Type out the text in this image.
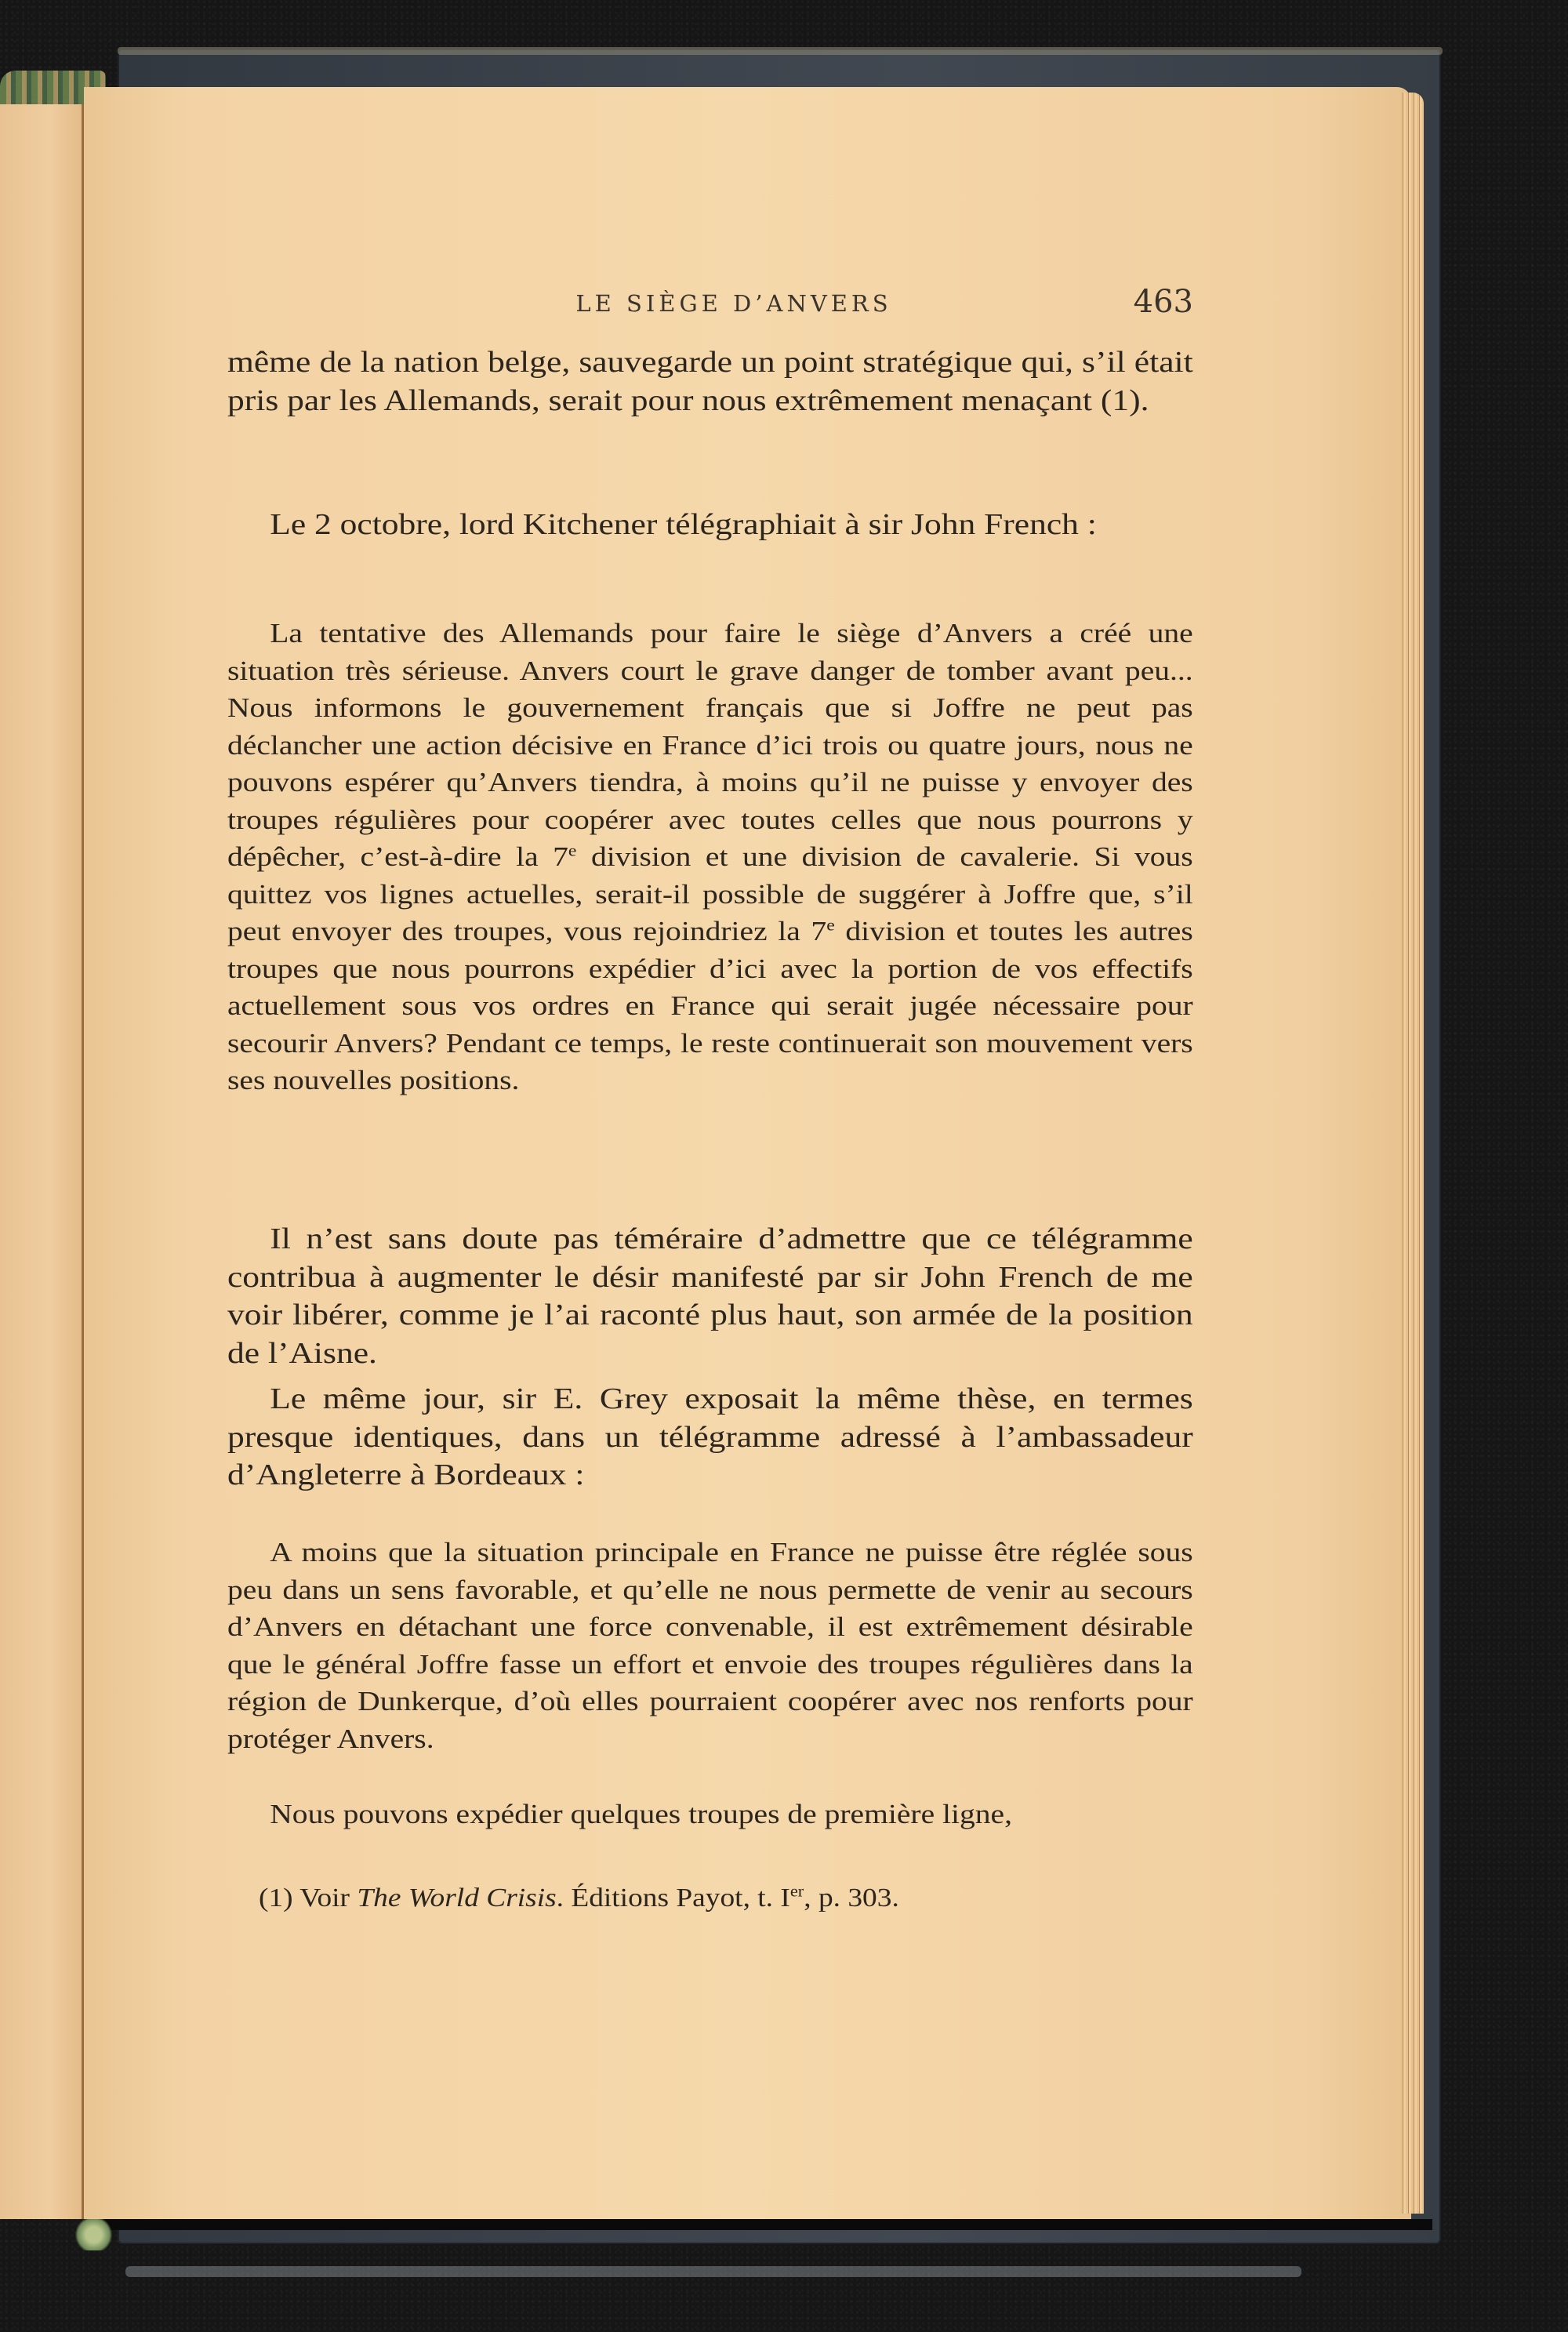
LE SIÈGE D’ANVERS	463

même de la nation belge, sauvegarde un point stratégique qui, s’il était pris par les Allemands, serait pour nous extrêmement menaçant (1).

Le 2 octobre, lord Kitchener télégraphiait à sir John French :

La tentative des Allemands pour faire le siège d’Anvers a créé une situation très sérieuse. Anvers court le grave danger de tomber avant peu... Nous informons le gouvernement français que si Joffre ne peut pas déclancher une action décisive en France d’ici trois ou quatre jours, nous ne pouvons espérer qu’Anvers tiendra, à moins qu’il ne puisse y envoyer des troupes régulières pour coopérer avec toutes celles que nous pourrons y dépêcher, c’est-à-dire la 7e division et une division de cavalerie. Si vous quittez vos lignes actuelles, serait-il possible de suggérer à Joffre que, s’il peut envoyer des troupes, vous rejoindriez la 7e division et toutes les autres troupes que nous pourrons expédier d’ici avec la portion de vos effectifs actuellement sous vos ordres en France qui serait jugée nécessaire pour secourir Anvers? Pendant ce temps, le reste continuerait son mouvement vers ses nouvelles positions.

Il n’est sans doute pas téméraire d’admettre que ce télégramme contribua à augmenter le désir manifesté par sir John French de me voir libérer, comme je l’ai raconté plus haut, son armée de la position de l’Aisne.

Le même jour, sir E. Grey exposait la même thèse, en termes presque identiques, dans un télégramme adressé à l’ambassadeur d’Angleterre à Bordeaux :

A moins que la situation principale en France ne puisse être réglée sous peu dans un sens favorable, et qu’elle ne nous permette de venir au secours d’Anvers en détachant une force convenable, il est extrêmement désirable que le général Joffre fasse un effort et envoie des troupes régulières dans la région de Dunkerque, d’où elles pourraient coopérer avec nos renforts pour protéger Anvers.

Nous pouvons expédier quelques troupes de première ligne,

(1) Voir The World Crisis. Éditions Payot, t. Ier, p. 303.
